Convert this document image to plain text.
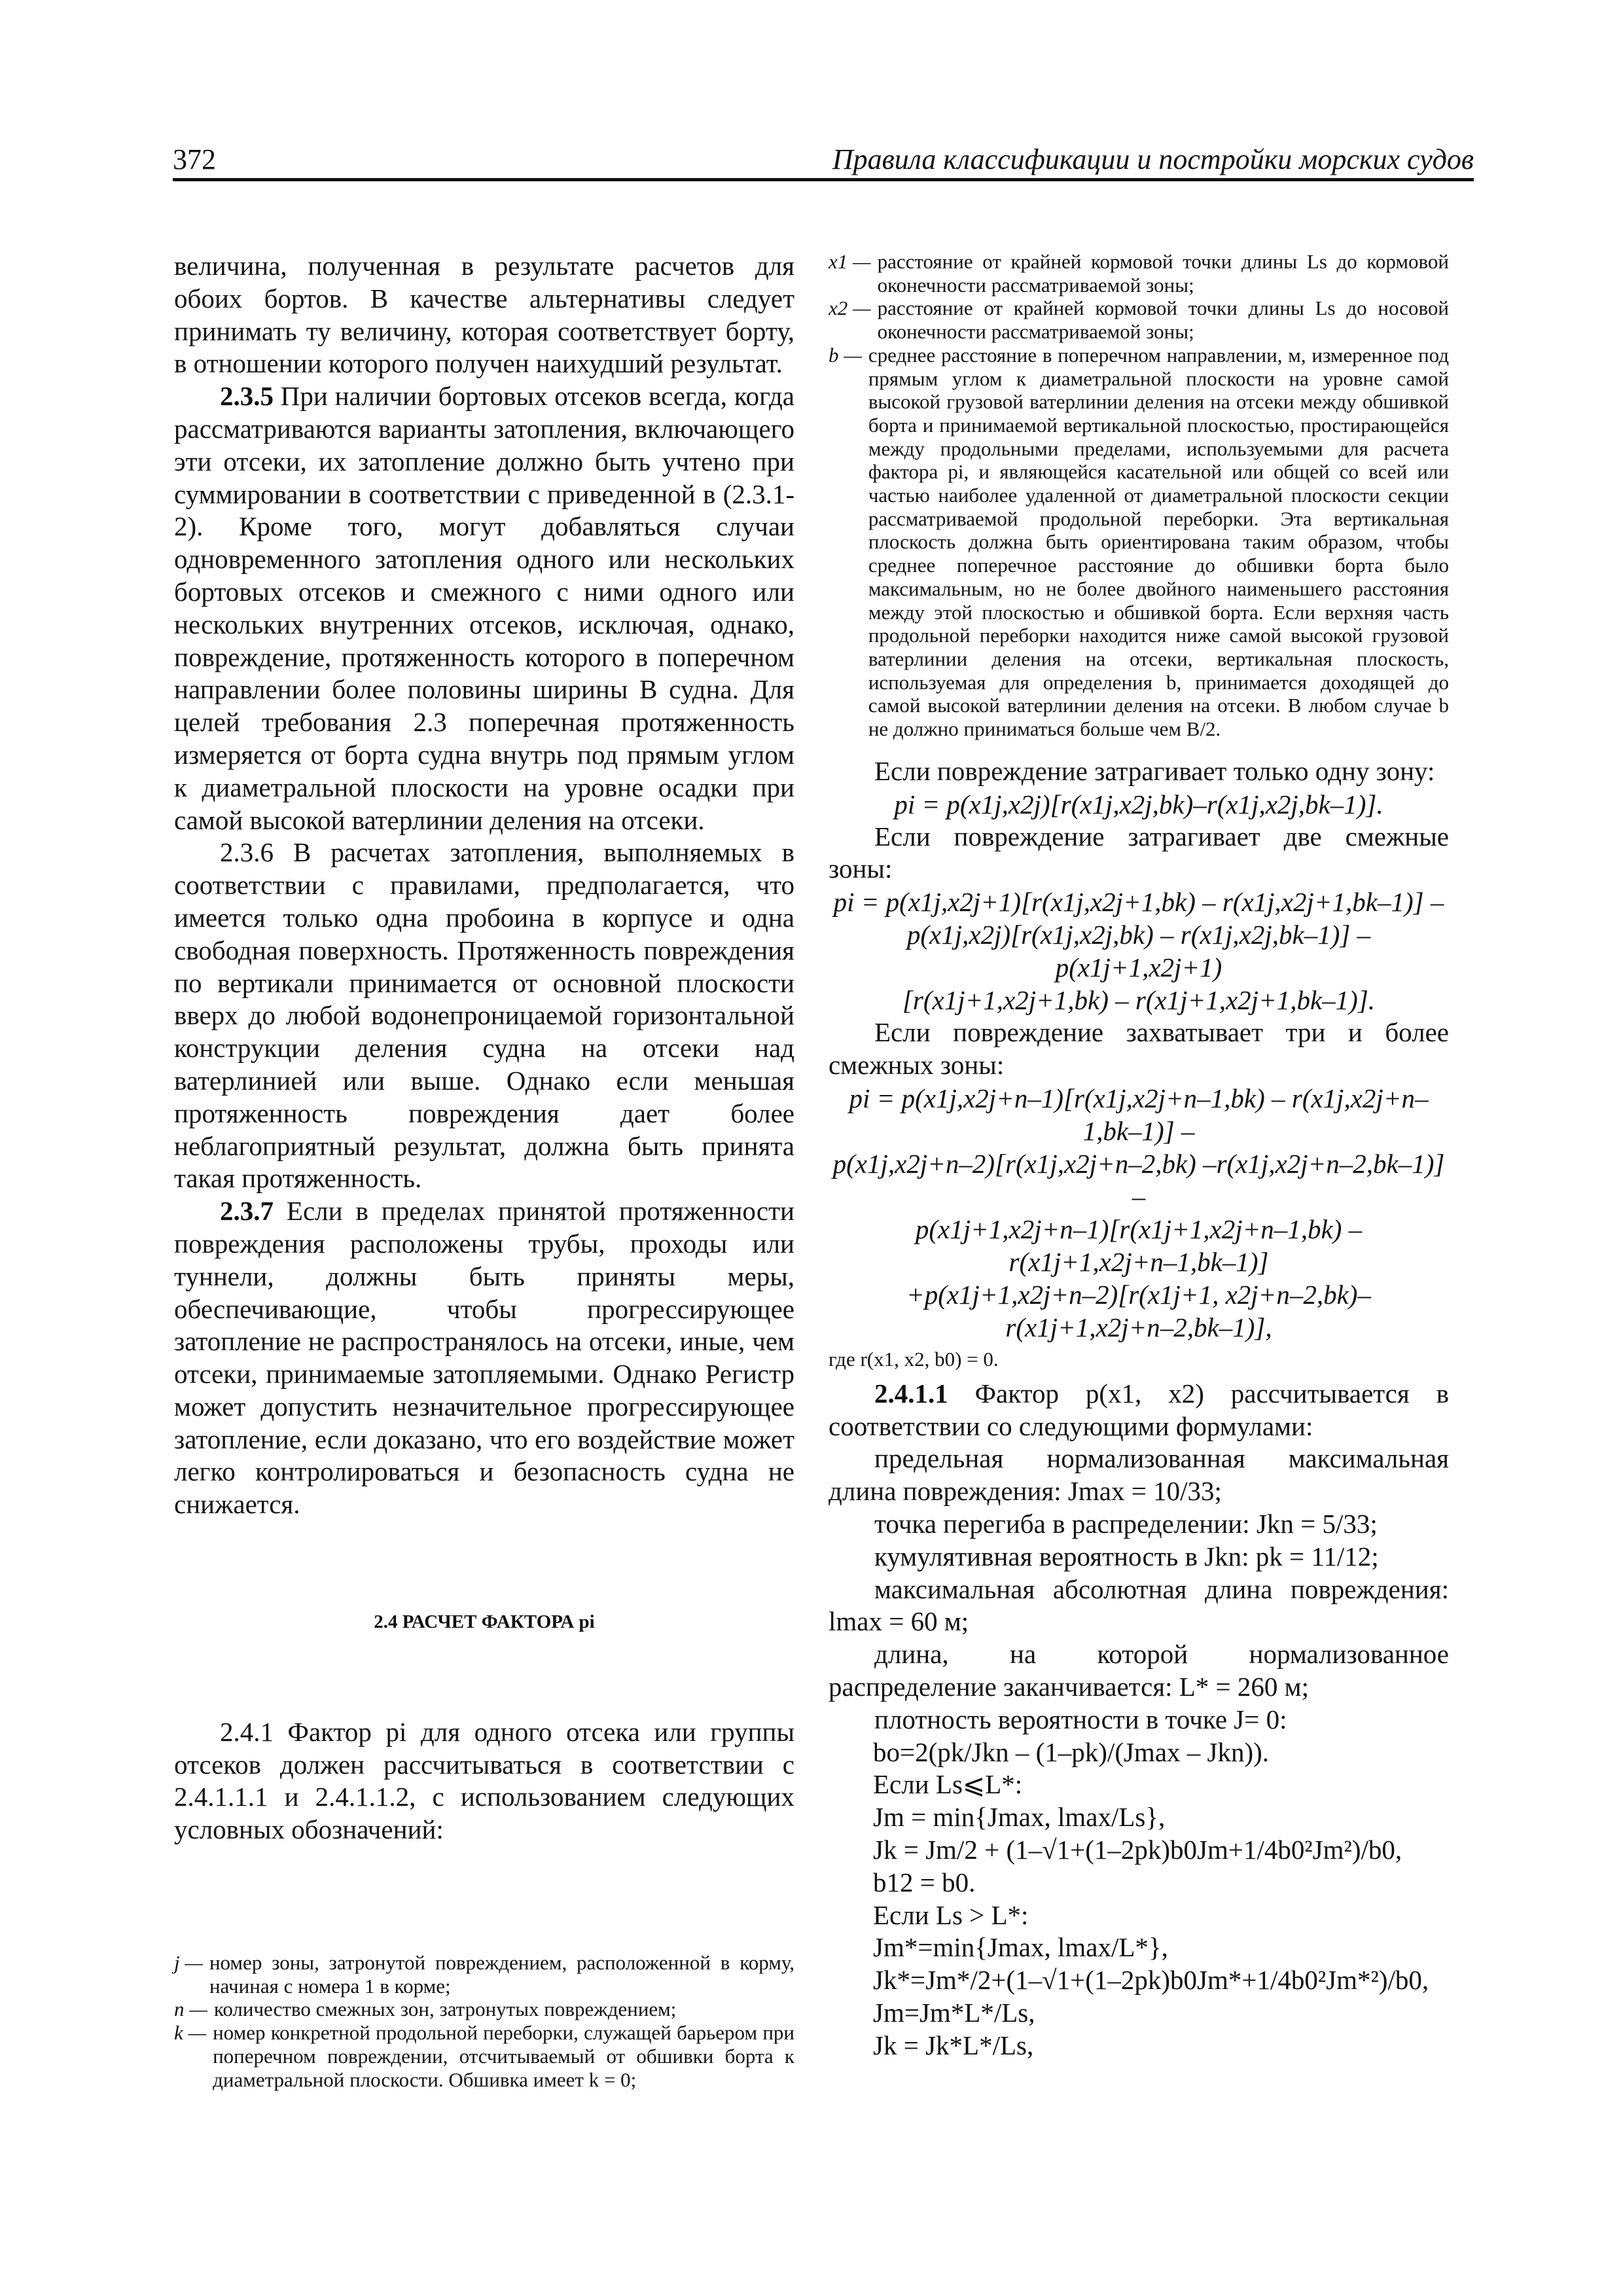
372	Правила классификации и постройки морских судов

величина, полученная в результате расчетов для обоих бортов. В качестве альтернативы следует принимать ту величину, которая соответствует борту, в отношении которого получен наихудший результат.

2.3.5 При наличии бортовых отсеков всегда, когда рассматриваются варианты затопления, включающего эти отсеки, их затопление должно быть учтено при суммировании в соответствии с приведенной в (2.3.1-2). Кроме того, могут добавляться случаи одновременного затопления одного или нескольких бортовых отсеков и смежного с ними одного или нескольких внутренних отсеков, исключая, однако, повреждение, протяженность которого в поперечном направлении более половины ширины B судна. Для целей требования 2.3 поперечная протяженность измеряется от борта судна внутрь под прямым углом к диаметральной плоскости на уровне осадки при самой высокой ватерлинии деления на отсеки.

2.3.6 В расчетах затопления, выполняемых в соответствии с правилами, предполагается, что имеется только одна пробоина в корпусе и одна свободная поверхность. Протяженность повреждения по вертикали принимается от основной плоскости вверх до любой водонепроницаемой горизонтальной конструкции деления судна на отсеки над ватерлинией или выше. Однако если меньшая протяженность повреждения дает более неблагоприятный результат, должна быть принята такая протяженность.

2.3.7 Если в пределах принятой протяженности повреждения расположены трубы, проходы или туннели, должны быть приняты меры, обеспечивающие, чтобы прогрессирующее затопление не распространялось на отсеки, иные, чем отсеки, принимаемые затопляемыми. Однако Регистр может допустить незначительное прогрессирующее затопление, если доказано, что его воздействие может легко контролироваться и безопасность судна не снижается.

2.4 РАСЧЕТ ФАКТОРА pi

2.4.1 Фактор pi для одного отсека или группы отсеков должен рассчитываться в соответствии с 2.4.1.1.1 и 2.4.1.1.2, с использованием следующих условных обозначений:

j — номер зоны, затронутой повреждением, расположенной в корму, начиная с номера 1 в корме;
n — количество смежных зон, затронутых повреждением;
k — номер конкретной продольной переборки, служащей барьером при поперечном повреждении, отсчитываемый от обшивки борта к диаметральной плоскости. Обшивка имеет k = 0;
x1 — расстояние от крайней кормовой точки длины Ls до кормовой оконечности рассматриваемой зоны;
x2 — расстояние от крайней кормовой точки длины Ls до носовой оконечности рассматриваемой зоны;
b — среднее расстояние в поперечном направлении, м, измеренное под прямым углом к диаметральной плоскости на уровне самой высокой грузовой ватерлинии деления на отсеки между обшивкой борта и принимаемой вертикальной плоскостью, простирающейся между продольными пределами, используемыми для расчета фактора pi, и являющейся касательной или общей со всей или частью наиболее удаленной от диаметральной плоскости секции рассматриваемой продольной переборки. Эта вертикальная плоскость должна быть ориентирована таким образом, чтобы среднее поперечное расстояние до обшивки борта было максимальным, но не более двойного наименьшего расстояния между этой плоскостью и обшивкой борта. Если верхняя часть продольной переборки находится ниже самой высокой грузовой ватерлинии деления на отсеки, вертикальная плоскость, используемая для определения b, принимается доходящей до самой высокой ватерлинии деления на отсеки. В любом случае b не должно приниматься больше чем B/2.

Если повреждение затрагивает только одну зону:

pi = p(x1j,x2j)[r(x1j,x2j,bk)–r(x1j,x2j,bk–1)].

Если повреждение затрагивает две смежные зоны:

pi = p(x1j,x2j+1)[r(x1j,x2j+1,bk) – r(x1j,x2j+1,bk–1)] –

p(x1j,x2j)[r(x1j,x2j,bk) – r(x1j,x2j,bk–1)] – p(x1j+1,x2j+1)

[r(x1j+1,x2j+1,bk) – r(x1j+1,x2j+1,bk–1)].

Если повреждение захватывает три и более смежных зоны:

pi = p(x1j,x2j+n–1)[r(x1j,x2j+n–1,bk) – r(x1j,x2j+n–1,bk–1)] –

p(x1j,x2j+n–2)[r(x1j,x2j+n–2,bk) –r(x1j,x2j+n–2,bk–1)] –

p(x1j+1,x2j+n–1)[r(x1j+1,x2j+n–1,bk) – r(x1j+1,x2j+n–1,bk–1)]

+p(x1j+1,x2j+n–2)[r(x1j+1, x2j+n–2,bk)–r(x1j+1,x2j+n–2,bk–1)],

где r(x1, x2, b0) = 0.

2.4.1.1 Фактор p(x1, x2) рассчитывается в соответствии со следующими формулами:

предельная нормализованная максимальная длина повреждения: Jmax = 10/33;

точка перегиба в распределении: Jkn = 5/33;

кумулятивная вероятность в Jkn: pk = 11/12;

максимальная абсолютная длина повреждения: lmax = 60 м;

длина, на которой нормализованное распределение заканчивается: L* = 260 м;

плотность вероятности в точке J= 0:

bo=2(pk/Jkn – (1–pk)/(Jmax – Jkn)).

Если Ls⩽L*:

Jm = min{Jmax, lmax/Ls},

Jk = Jm/2 + (1–√1+(1–2pk)b0Jm+1/4b0²Jm²)/b0,

b12 = b0.

Если Ls > L*:

Jm*=min{Jmax, lmax/L*},

Jk*=Jm*/2+(1–√1+(1–2pk)b0Jm*+1/4b0²Jm*²)/b0,

Jm=Jm*L*/Ls,

Jk = Jk*L*/Ls,
